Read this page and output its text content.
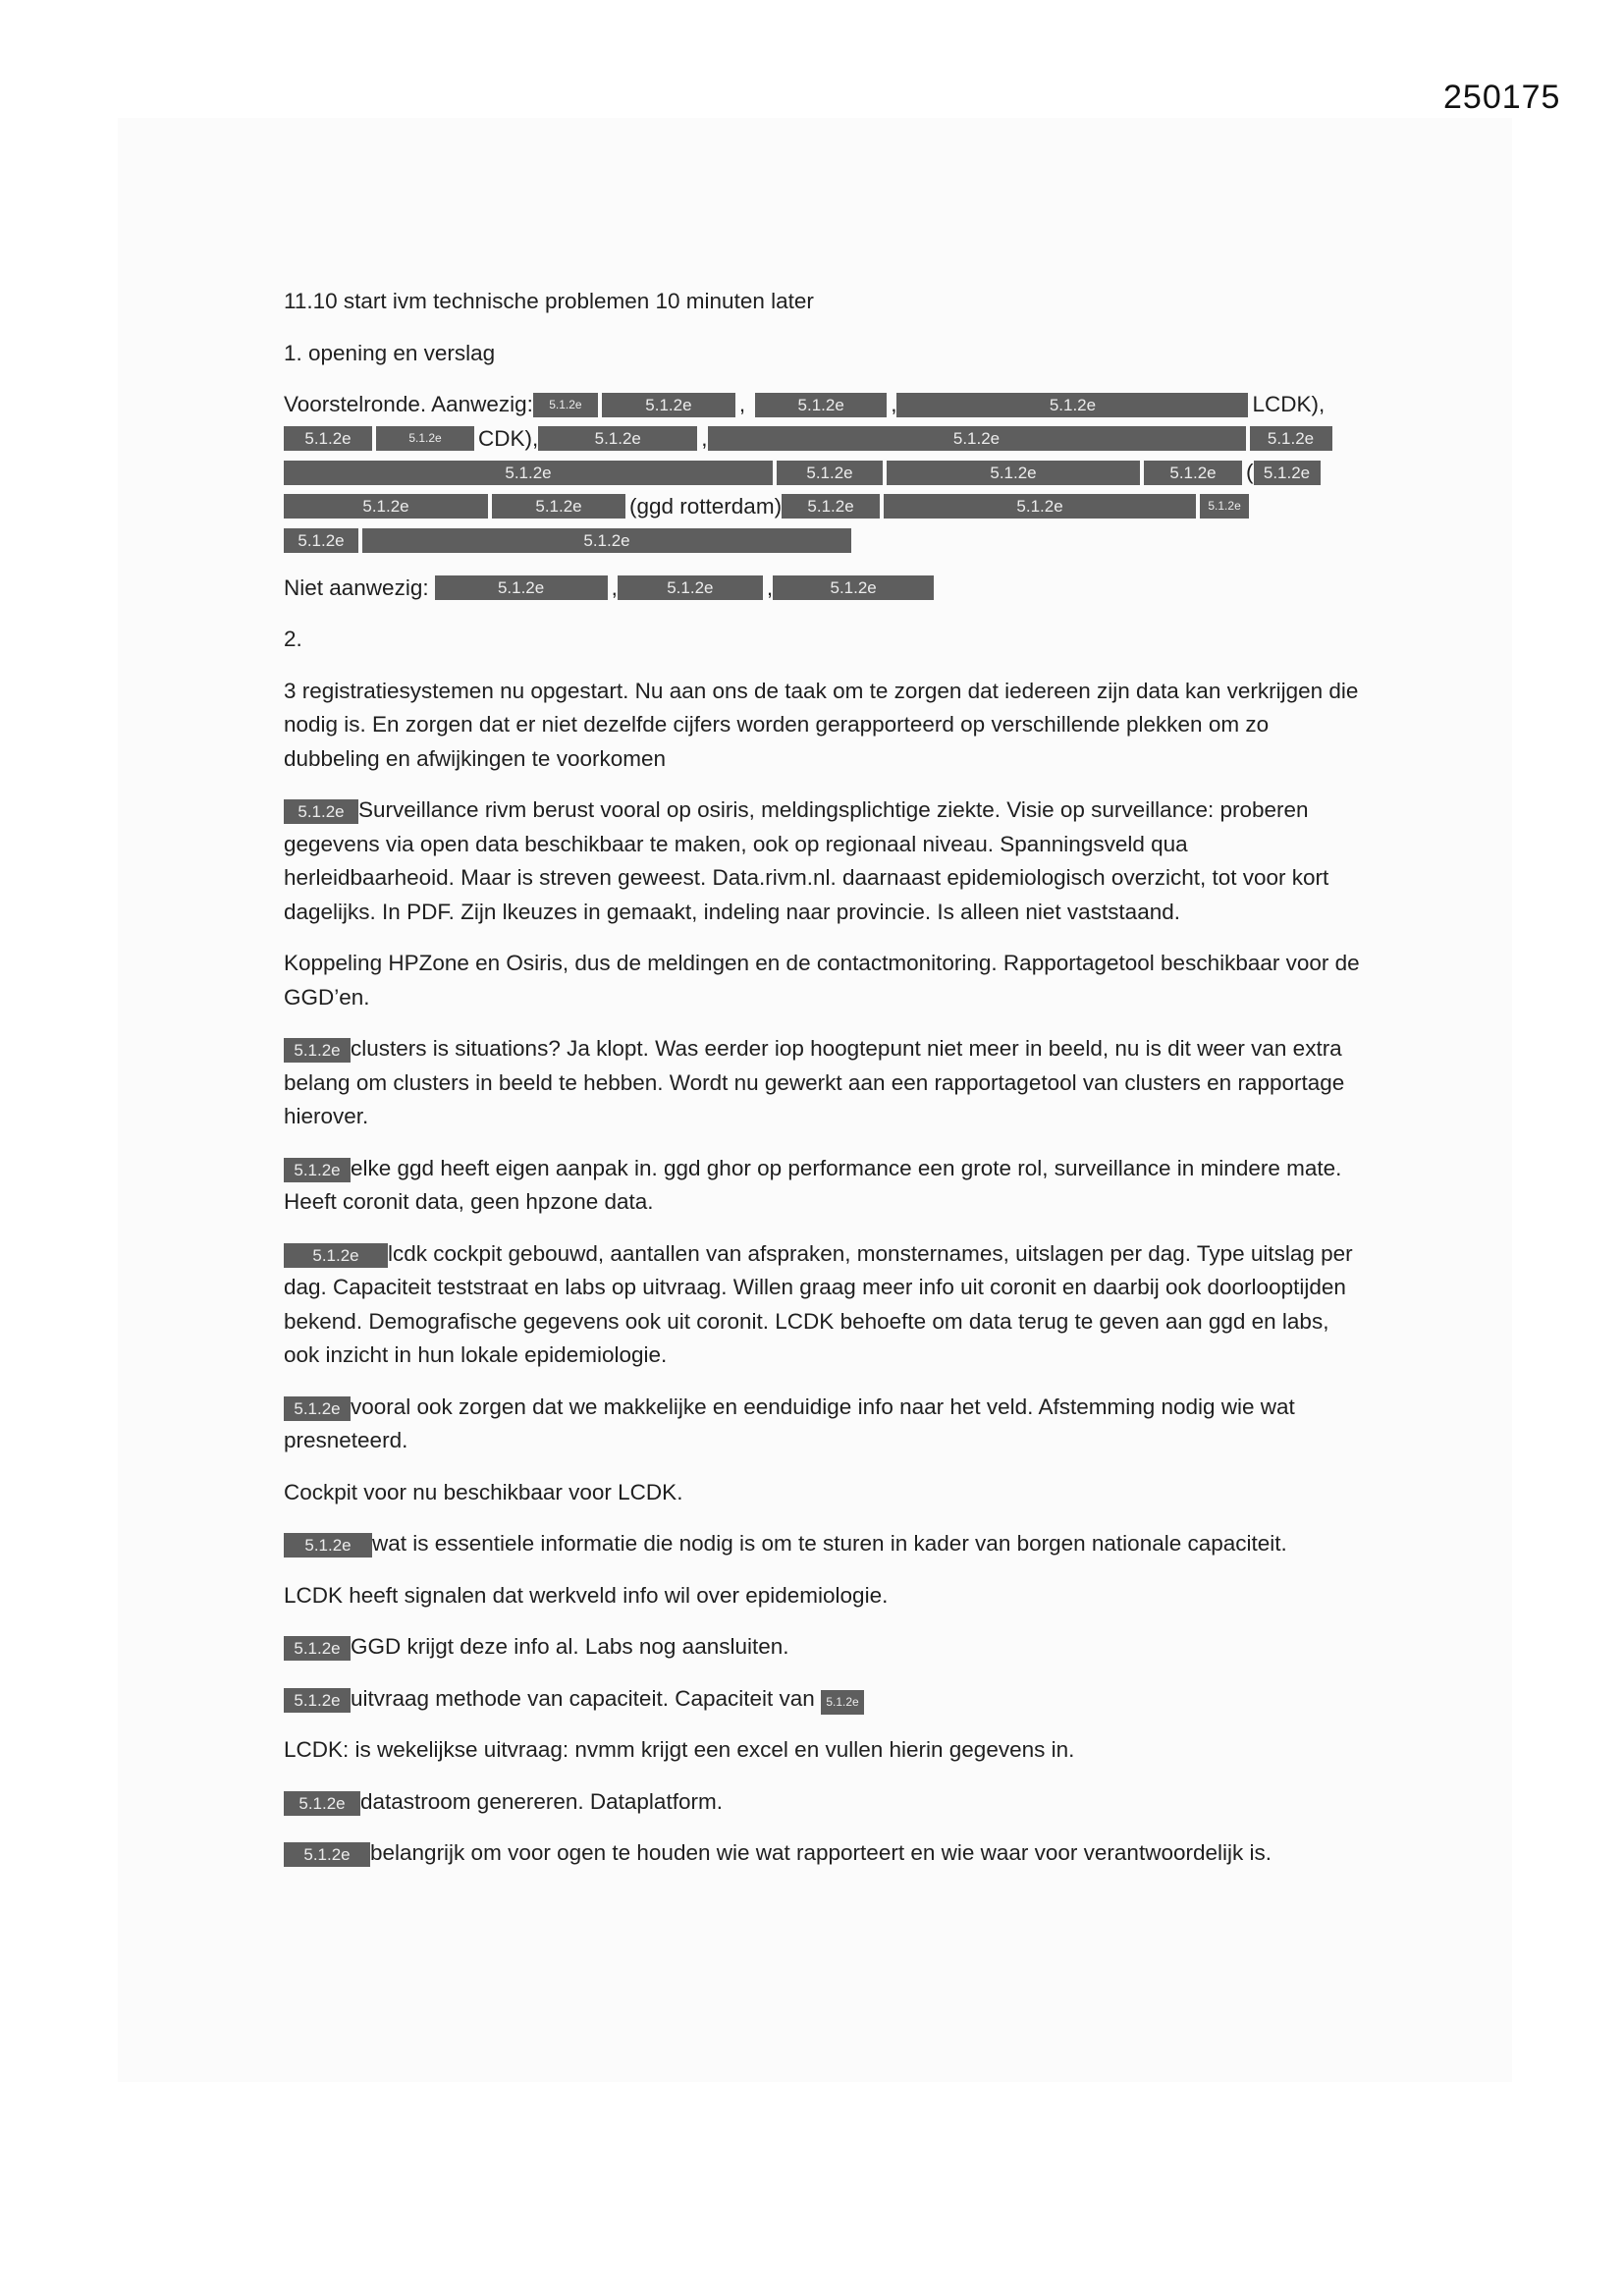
250175

11.10 start ivm technische problemen 10 minuten later

1. opening en verslag

Voorstelronde. Aanwezig:	5.1.2e	5.1.2e	,	5.1.2e	,	5.1.2e	LCDK),
5.1.2e	5.1.2e	CDK),	5.1.2e	,	5.1.2e	5.1.2e
5.1.2e	5.1.2e	5.1.2e	5.1.2e	( 5.1.2e
5.1.2e	5.1.2e	(ggd rotterdam)	5.1.2e	5.1.2e	5.1.2e
5.1.2e	5.1.2e
Niet aanwezig:	5.1.2e	,	5.1.2e	,	5.1.2e

2.

3 registratiesystemen nu opgestart. Nu aan ons de taak om te zorgen dat iedereen zijn data kan verkrijgen die nodig is. En zorgen dat er niet dezelfde cijfers worden gerapporteerd op verschillende plekken om zo dubbeling en afwijkingen te voorkomen

5.1.2e Surveillance rivm berust vooral op osiris, meldingsplichtige ziekte. Visie op surveillance: proberen gegevens via open data beschikbaar te maken, ook op regionaal niveau. Spanningsveld qua herleidbaarheoid. Maar is streven geweest. Data.rivm.nl. daarnaast epidemiologisch overzicht, tot voor kort dagelijks. In PDF. Zijn lkeuzes in gemaakt, indeling naar provincie. Is alleen niet vaststaand.

Koppeling HPZone en Osiris, dus de meldingen en de contactmonitoring. Rapportagetool beschikbaar voor de GGD’en.

5.1.2e clusters is situations? Ja klopt. Was eerder iop hoogtepunt niet meer in beeld, nu is dit weer van extra belang om clusters in beeld te hebben. Wordt nu gewerkt aan een rapportagetool van clusters en rapportage hierover.

5.1.2e elke ggd heeft eigen aanpak in. ggd ghor op performance een grote rol, surveillance in mindere mate. Heeft coronit data, geen hpzone data.

5.1.2e lcdk cockpit gebouwd, aantallen van afspraken, monsternames, uitslagen per dag. Type uitslag per dag. Capaciteit teststraat en labs op uitvraag. Willen graag meer info uit coronit en daarbij ook doorlooptijden bekend. Demografische gegevens ook uit coronit. LCDK behoefte om data terug te geven aan ggd en labs, ook inzicht in hun lokale epidemiologie.

5.1.2e vooral ook zorgen dat we makkelijke en eenduidige info naar het veld. Afstemming nodig wie wat presneteerd.

Cockpit voor nu beschikbaar voor LCDK.

5.1.2e wat is essentiele informatie die nodig is om te sturen in kader van borgen nationale capaciteit.

LCDK heeft signalen dat werkveld info wil over epidemiologie.

5.1.2e GGD krijgt deze info al. Labs nog aansluiten.

5.1.2e uitvraag methode van capaciteit. Capaciteit van 5.1.2e

LCDK: is wekelijkse uitvraag: nvmm krijgt een excel en vullen hierin gegevens in.

5.1.2e datastroom genereren. Dataplatform.

5.1.2e belangrijk om voor ogen te houden wie wat rapporteert en wie waar voor verantwoordelijk is.
